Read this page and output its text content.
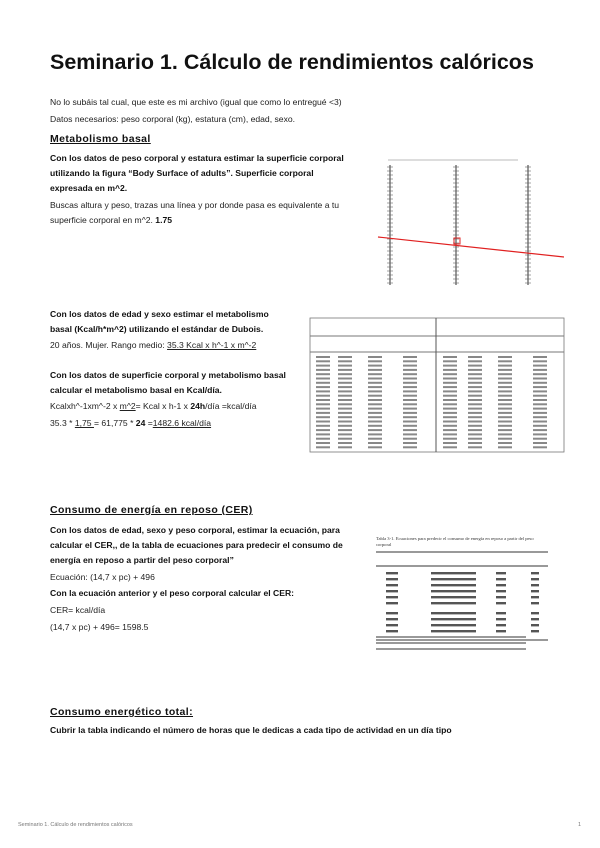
Seminario 1. Cálculo de rendimientos calóricos
No lo subáis tal cual, que este es mi archivo (igual que como lo entregué <3)
Datos necesarios: peso corporal (kg), estatura (cm), edad, sexo.
Metabolismo basal
Con los datos de peso corporal y estatura estimar la superficie corporal
utilizando la figura “Body Surface of adults”. Superficie corporal
expresada en m^2.
Buscas altura y peso, trazas una línea y por donde pasa es equivalente a tu
superficie corporal en m^2. 1.75
Con los datos de edad y sexo estimar el metabolismo
basal (Kcal/h*m^2) utilizando el estándar de Dubois.
20 años. Mujer. Rango medio: 35.3 Kcal x h^-1 x m^-2
Con los datos de superficie corporal y metabolismo basal
calcular el metabolismo basal en Kcal/día.
Kcalxh^-1xm^-2 x m^2= Kcal x h-1 x 24h/día =kcal/día
35.3 * 1,75 = 61,775 * 24 =1482.6 kcal/día
Consumo de energía en reposo (CER)
Con los datos de edad, sexo y peso corporal, estimar la ecuación, para
calcular el CER,, de la tabla de ecuaciones para predecir el consumo de
energía en reposo a partir del peso corporal”
Ecuación: (14,7 x pc) + 496
Con la ecuación anterior y el peso corporal calcular el CER:
CER= kcal/día
(14,7 x pc) + 496= 1598.5
Tabla 3-1. Ecuaciones para predecir el consumo de energía en reposo a partir del peso corporal
Consumo energético total:
Cubrir la tabla indicando el número de horas que le dedicas a cada tipo de actividad en un día tipo
Seminario 1. Cálculo de rendimientos calóricos	1
